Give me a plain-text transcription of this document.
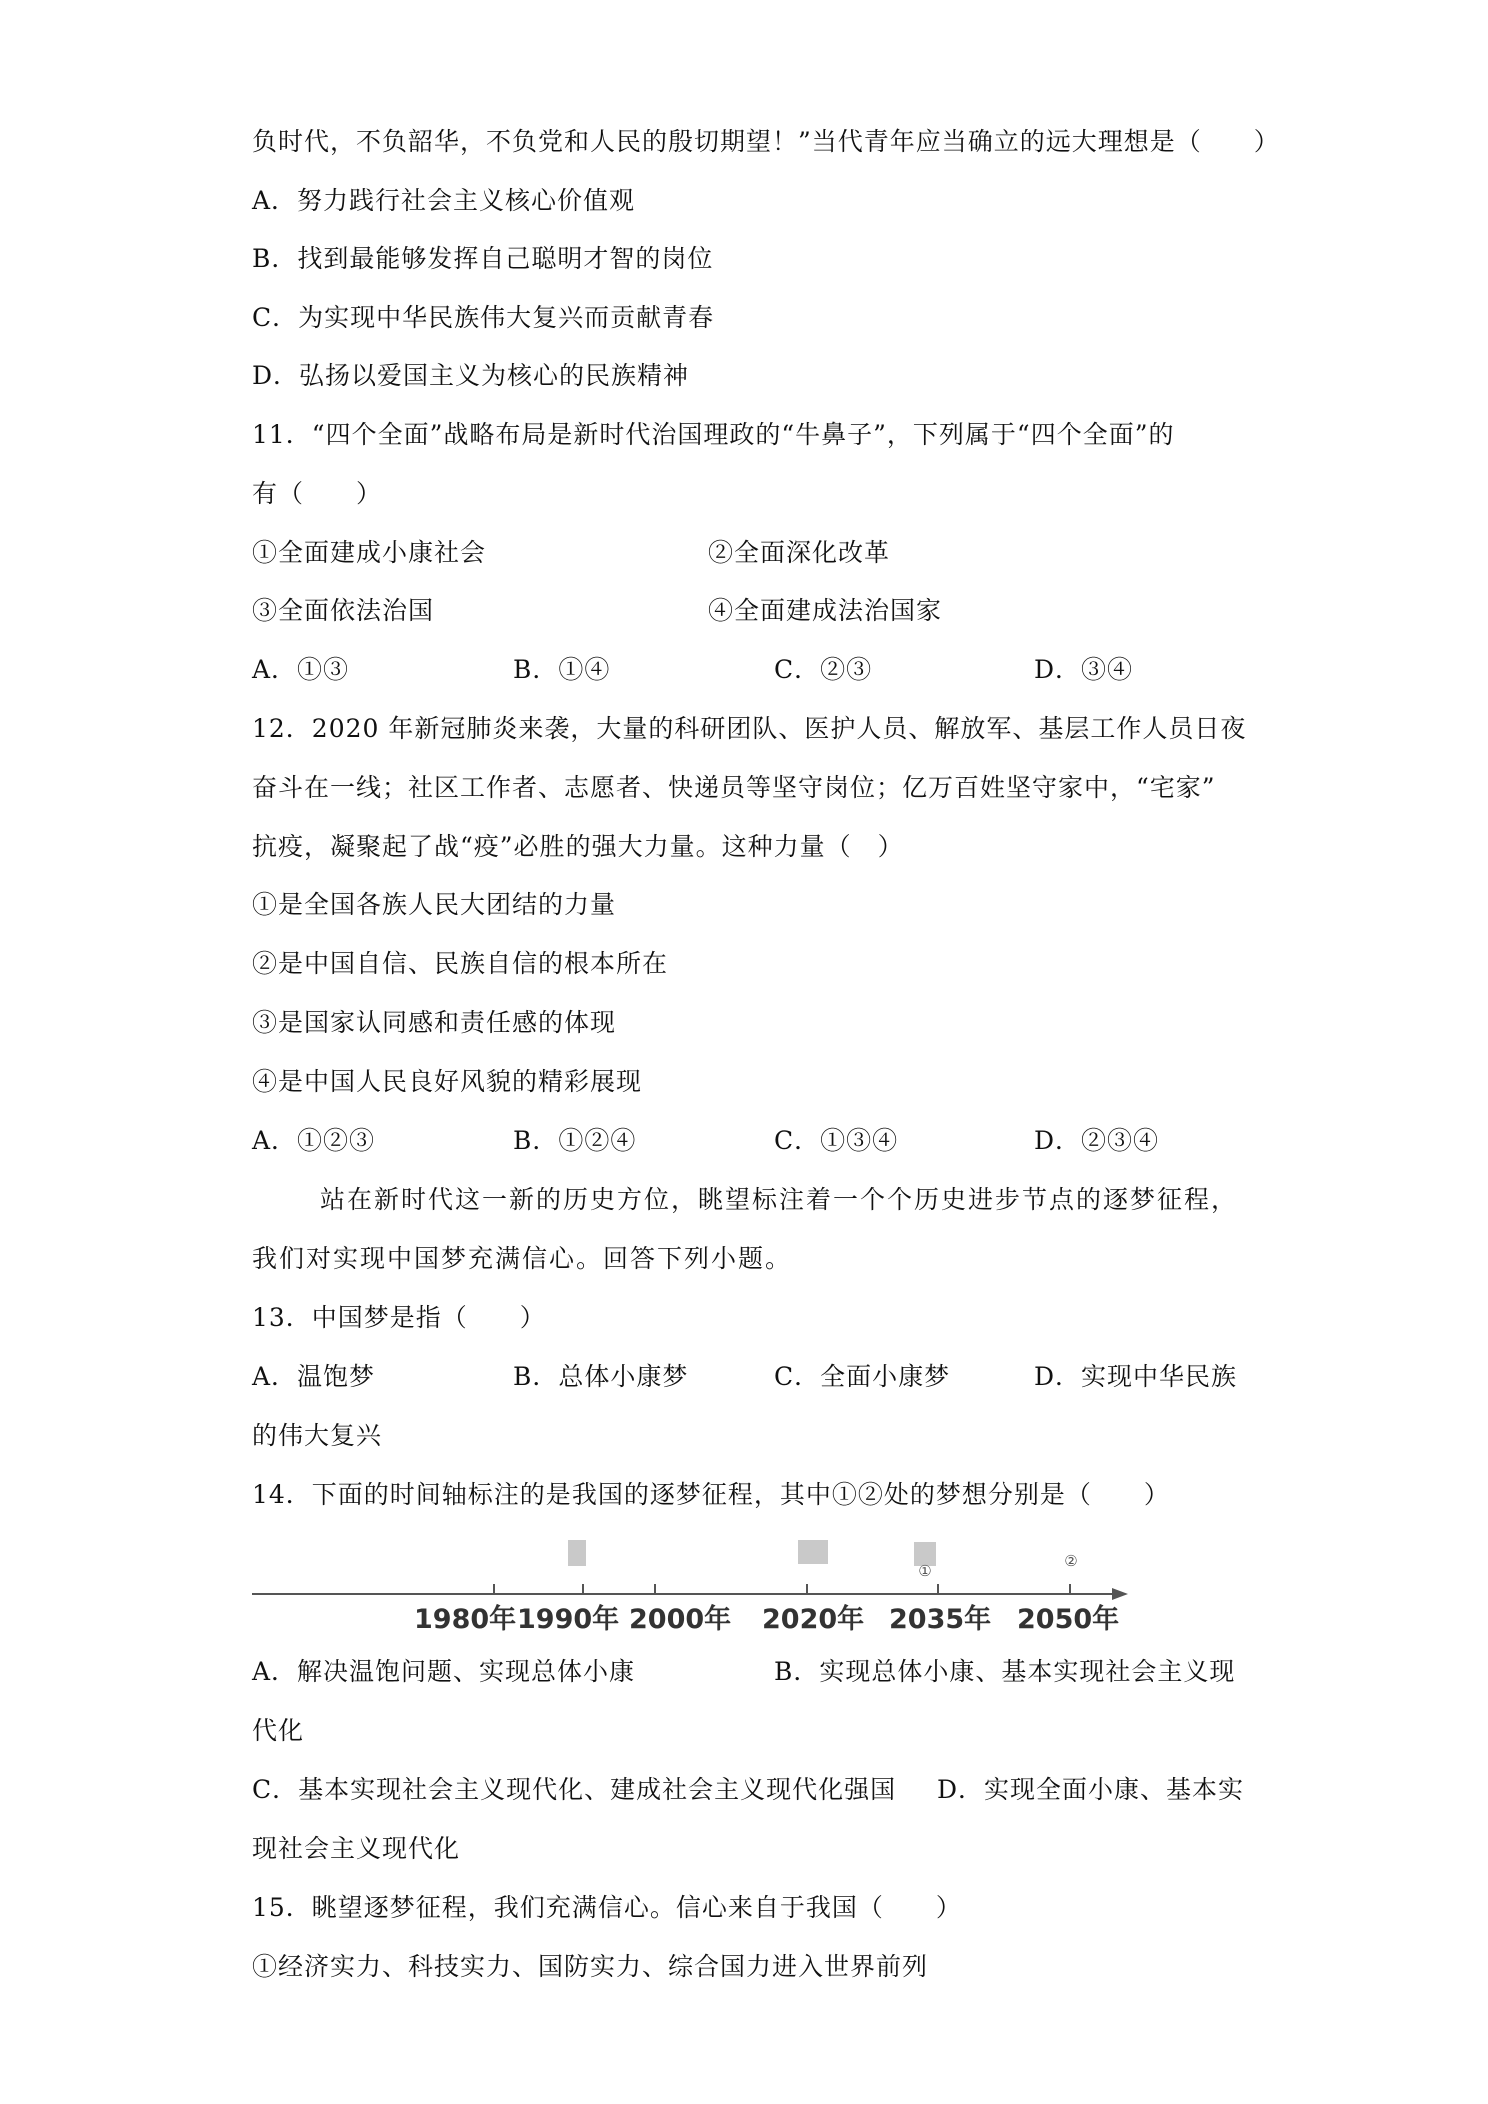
负时代，不负韶华，不负党和人民的殷切期望！”当代青年应当确立的远大理想是（　　）
A．努力践行社会主义核心价值观
B．找到最能够发挥自己聪明才智的岗位
C．为实现中华民族伟大复兴而贡献青春
D．弘扬以爱国主义为核心的民族精神
11．“四个全面”战略布局是新时代治国理政的“牛鼻子”，下列属于“四个全面”的
有（　　）
①全面建成小康社会	②全面深化改革
③全面依法治国	④全面建成法治国家
A．①③	B．①④	C．②③	D．③④
12．2020 年新冠肺炎来袭，大量的科研团队、医护人员、解放军、基层工作人员日夜
奋斗在一线；社区工作者、志愿者、快递员等坚守岗位；亿万百姓坚守家中，“宅家”
抗疫，凝聚起了战“疫”必胜的强大力量。这种力量（　）
①是全国各族人民大团结的力量
②是中国自信、民族自信的根本所在
③是国家认同感和责任感的体现
④是中国人民良好风貌的精彩展现
A．①②③	B．①②④	C．①③④	D．②③④
站在新时代这一新的历史方位，眺望标注着一个个历史进步节点的逐梦征程，
我们对实现中国梦充满信心。回答下列小题。
13．中国梦是指（　　）
A．温饱梦	B．总体小康梦	C．全面小康梦	D．实现中华民族
的伟大复兴
14．下面的时间轴标注的是我国的逐梦征程，其中①②处的梦想分别是（　　）
①
②
1980年 1990年 2000年 2020年 2035年 2050年
A．解决温饱问题、实现总体小康	B．实现总体小康、基本实现社会主义现
代化
C．基本实现社会主义现代化、建成社会主义现代化强国 D．实现全面小康、基本实
现社会主义现代化
15．眺望逐梦征程，我们充满信心。信心来自于我国（　　）
①经济实力、科技实力、国防实力、综合国力进入世界前列
